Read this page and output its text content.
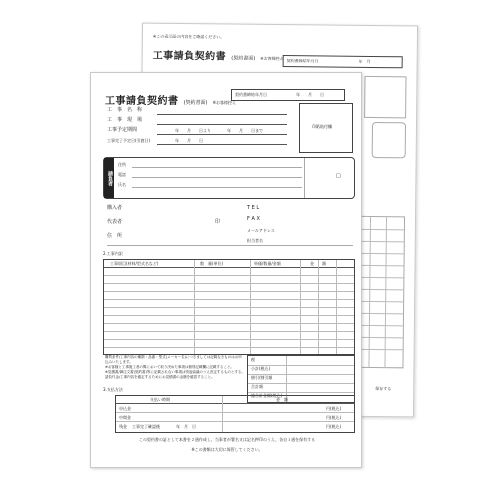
※この表示面の内容をご確認ください。
工事請負契約書 (契約書面) ※お客様控え 契約書締結年月日	年　月
保存する
工事請負契約書 (契約書面) ※お客様控え
契約書締結年月日	年　　月　　日
工　事　名　称
工　事　現　場
工事予定期間	年　　月　　日より　　　　年　　月　　日まで
工事完了予定日(引渡日)	年　　月　　日
印紙貼付欄
請負者
住所
電話
氏名
□
購入者
代表者	印
住　所
T E L
F A X
メールアドレス
担当者名
2.工事内訳
工事項目(材料/型式名など)	数　量(単位)	単価/数量/金額	金　　額
購買条件/工事内容の種類・品番・型式(メーカー名)につきましては記載なきものはお申込みいたします。
※お客様と工事施工者の間において取り決めた事項は個別記載欄に記載すること。
※見積書/御注文書(契約書)等に記載されない事項は別途協議のうえ決定するものとする。
請負代金/工事内容を確定するためにお見積書の金額を確認すること。
税
小計(税込)
値引/割引額
合計額
総合計金額(税込)
3.支払方法
支払い時期	金　額
申込金	円(税込)
中間金	円(税込)
残金 工事完了確認後	年　月　日	円(税込)
この契約書の証として本書を２通作成し、当事者が署名又は記名押印のうえ、各自１通を保有する
※この書類は大切に保管してください。
